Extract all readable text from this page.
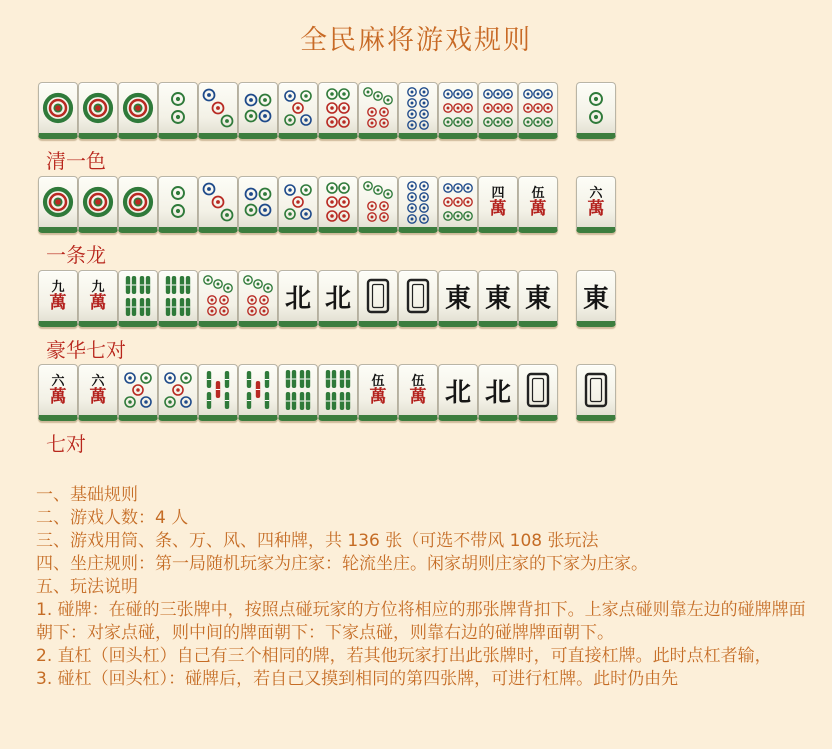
全民麻将游戏规则
清一色
四
萬
伍
萬
六
萬
一条龙
九
萬
九
萬	北 北	東 東 東 東
豪华七对
六
萬
六
萬
伍
萬
伍
萬 北 北
七对

一、基础规则

二、游戏人数：4 人

三、游戏用筒、条、万、风、四种牌，共 136 张（可选不带风 108 张玩法

四、坐庄规则：第一局随机玩家为庄家：轮流坐庄。闲家胡则庄家的下家为庄家。

五、玩法说明

1. 碰牌：在碰的三张牌中，按照点碰玩家的方位将相应的那张牌背扣下。上家点碰则靠左边的碰牌牌面朝下：对家点碰，则中间的牌面朝下：下家点碰，则靠右边的碰牌牌面朝下。

2. 直杠（回头杠）自己有三个相同的牌，若其他玩家打出此张牌时，可直接杠牌。此时点杠者输，

3. 碰杠（回头杠）：碰牌后，若自己又摸到相同的第四张牌，可进行杠牌。此时仍由先
